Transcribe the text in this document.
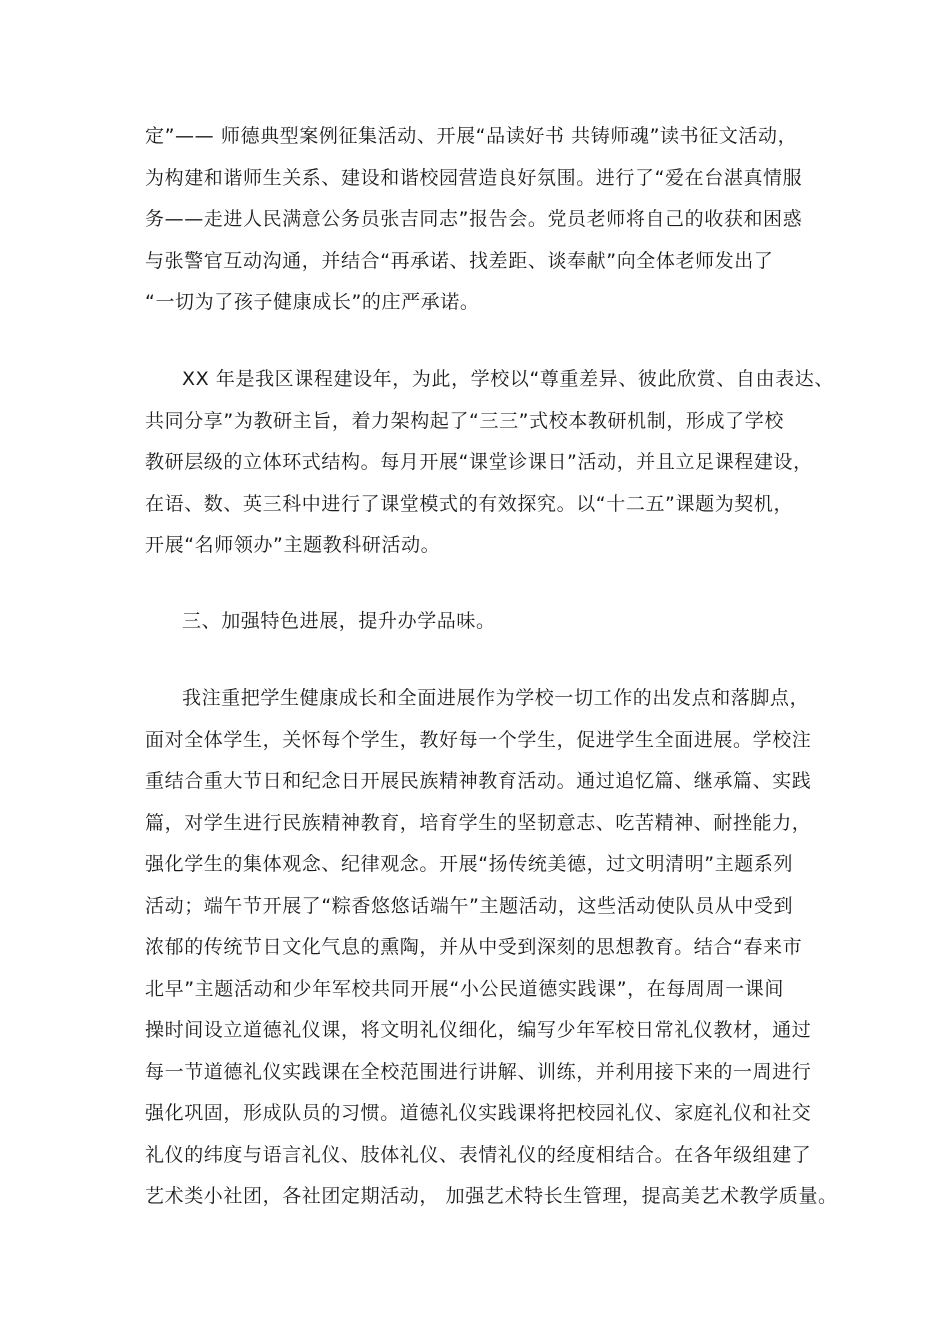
定”—— 师德典型案例征集活动、开展“品读好书 共铸师魂”读书征文活动，
为构建和谐师生关系、建设和谐校园营造良好氛围。进行了“爱在台湛真情服
务——走进人民满意公务员张吉同志”报告会。党员老师将自己的收获和困惑
与张警官互动沟通，并结合“再承诺、找差距、谈奉献”向全体老师发出了
“一切为了孩子健康成长”的庄严承诺。
XX 年是我区课程建设年，为此，学校以“尊重差异、彼此欣赏、自由表达、
共同分享”为教研主旨，着力架构起了“三三”式校本教研机制，形成了学校
教研层级的立体环式结构。每月开展“课堂诊课日”活动，并且立足课程建设，
在语、数、英三科中进行了课堂模式的有效探究。以“十二五”课题为契机，
开展“名师领办”主题教科研活动。
三、加强特色进展，提升办学品味。
我注重把学生健康成长和全面进展作为学校一切工作的出发点和落脚点，
面对全体学生，关怀每个学生，教好每一个学生，促进学生全面进展。学校注
重结合重大节日和纪念日开展民族精神教育活动。通过追忆篇、继承篇、实践
篇，对学生进行民族精神教育，培育学生的坚韧意志、吃苦精神、耐挫能力，
强化学生的集体观念、纪律观念。开展“扬传统美德，过文明清明”主题系列
活动；端午节开展了“粽香悠悠话端午”主题活动，这些活动使队员从中受到
浓郁的传统节日文化气息的熏陶，并从中受到深刻的思想教育。结合“春来市
北早”主题活动和少年军校共同开展“小公民道德实践课”，在每周周一课间
操时间设立道德礼仪课，将文明礼仪细化，编写少年军校日常礼仪教材，通过
每一节道德礼仪实践课在全校范围进行讲解、训练，并利用接下来的一周进行
强化巩固，形成队员的习惯。道德礼仪实践课将把校园礼仪、家庭礼仪和社交
礼仪的纬度与语言礼仪、肢体礼仪、表情礼仪的经度相结合。在各年级组建了
艺术类小社团，各社团定期活动， 加强艺术特长生管理，提高美艺术教学质量。
